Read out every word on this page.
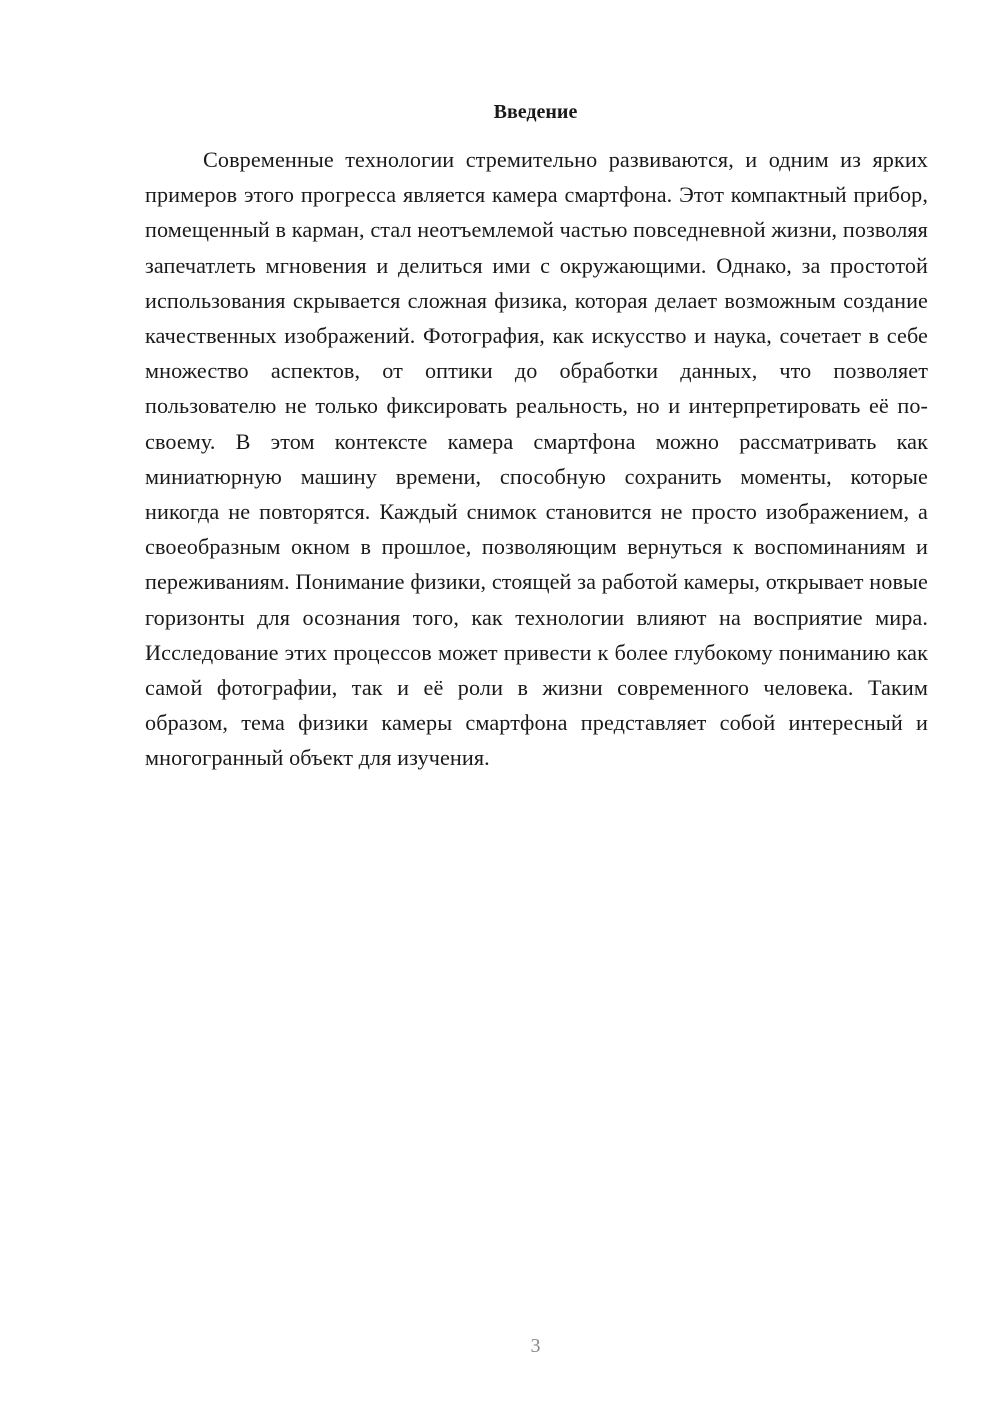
Введение

Современные технологии стремительно развиваются, и одним из ярких примеров этого прогресса является камера смартфона. Этот компактный прибор, помещенный в карман, стал неотъемлемой частью повседневной жизни, позволяя запечатлеть мгновения и делиться ими с окружающими. Однако, за простотой использования скрывается сложная физика, которая делает возможным создание качественных изображений. Фотография, как искусство и наука, сочетает в себе множество аспектов, от оптики до обработки данных, что позволяет пользователю не только фиксировать реальность, но и интерпретировать её по-своему. В этом контексте камера смартфона можно рассматривать как миниатюрную машину времени, способную сохранить моменты, которые никогда не повторятся. Каждый снимок становится не просто изображением, а своеобразным окном в прошлое, позволяющим вернуться к воспоминаниям и переживаниям. Понимание физики, стоящей за работой камеры, открывает новые горизонты для осознания того, как технологии влияют на восприятие мира. Исследование этих процессов может привести к более глубокому пониманию как самой фотографии, так и её роли в жизни современного человека. Таким образом, тема физики камеры смартфона представляет собой интересный и многогранный объект для изучения.

3
